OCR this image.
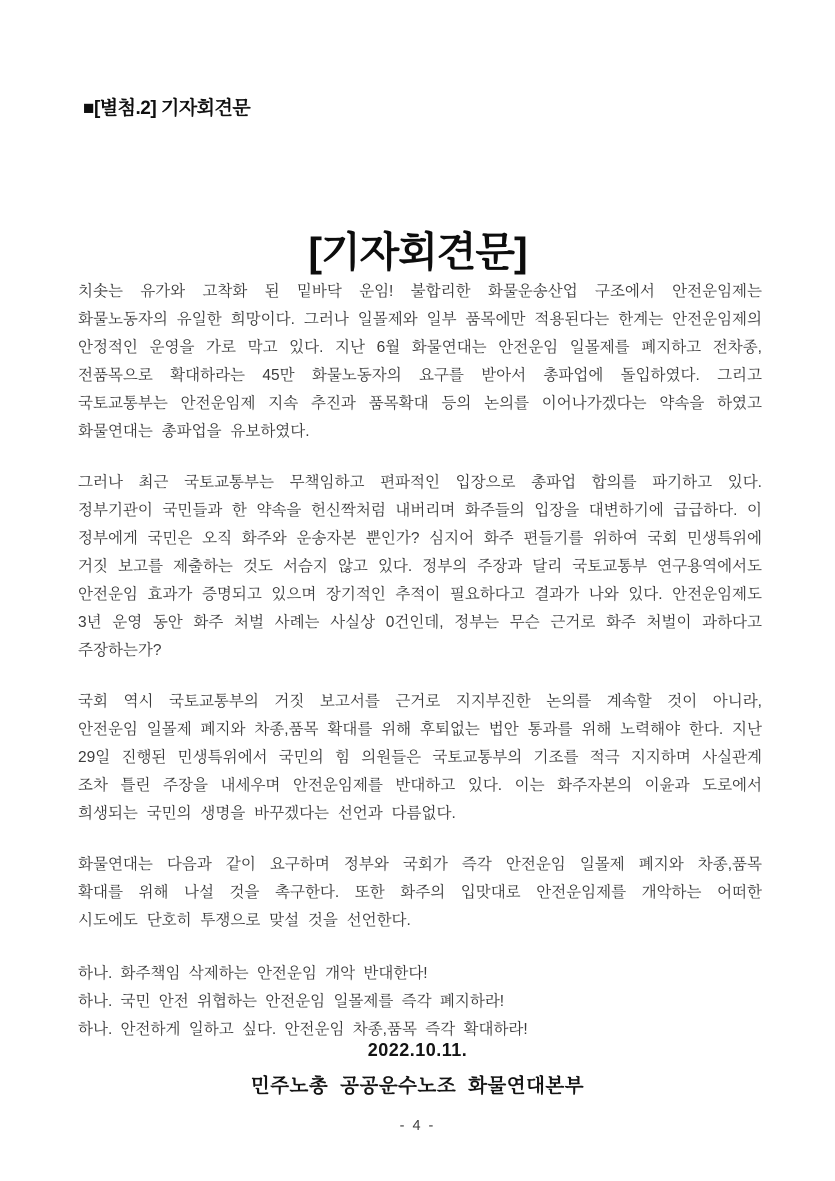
■[별첨.2] 기자회견문
[기자회견문]

치솟는 유가와 고착화 된 밑바닥 운임! 불합리한 화물운송산업 구조에서 안전운임제는 화물노동자의 유일한 희망이다. 그러나 일몰제와 일부 품목에만 적용된다는 한계는 안전운임제의 안정적인 운영을 가로 막고 있다. 지난 6월 화물연대는 안전운임 일몰제를 폐지하고 전차종,전품목으로 확대하라는 45만 화물노동자의 요구를 받아서 총파업에 돌입하였다. 그리고 국토교통부는 안전운임제 지속 추진과 품목확대 등의 논의를 이어나가겠다는 약속을 하였고 화물연대는 총파업을 유보하였다.

그러나 최근 국토교통부는 무책임하고 편파적인 입장으로 총파업 합의를 파기하고 있다. 정부기관이 국민들과 한 약속을 헌신짝처럼 내버리며 화주들의 입장을 대변하기에 급급하다. 이 정부에게 국민은 오직 화주와 운송자본 뿐인가? 심지어 화주 편들기를 위하여 국회 민생특위에 거짓 보고를 제출하는 것도 서슴지 않고 있다. 정부의 주장과 달리 국토교통부 연구용역에서도 안전운임 효과가 증명되고 있으며 장기적인 추적이 필요하다고 결과가 나와 있다. 안전운임제도 3년 운영 동안 화주 처벌 사례는 사실상 0건인데, 정부는 무슨 근거로 화주 처벌이 과하다고 주장하는가?

국회 역시 국토교통부의 거짓 보고서를 근거로 지지부진한 논의를 계속할 것이 아니라, 안전운임 일몰제 폐지와 차종,품목 확대를 위해 후퇴없는 법안 통과를 위해 노력해야 한다. 지난 29일 진행된 민생특위에서 국민의 힘 의원들은 국토교통부의 기조를 적극 지지하며 사실관계 조차 틀린 주장을 내세우며 안전운임제를 반대하고 있다. 이는 화주자본의 이윤과 도로에서 희생되는 국민의 생명을 바꾸겠다는 선언과 다름없다.

화물연대는 다음과 같이 요구하며 정부와 국회가 즉각 안전운임 일몰제 폐지와 차종,품목 확대를 위해 나설 것을 촉구한다. 또한 화주의 입맛대로 안전운임제를 개악하는 어떠한 시도에도 단호히 투쟁으로 맞설 것을 선언한다.

하나. 화주책임 삭제하는 안전운임 개악 반대한다!
하나. 국민 안전 위협하는 안전운임 일몰제를 즉각 폐지하라!
하나. 안전하게 일하고 싶다. 안전운임 차종,품목 즉각 확대하라!
2022.10.11.
민주노총 공공운수노조 화물연대본부
- 4 -
